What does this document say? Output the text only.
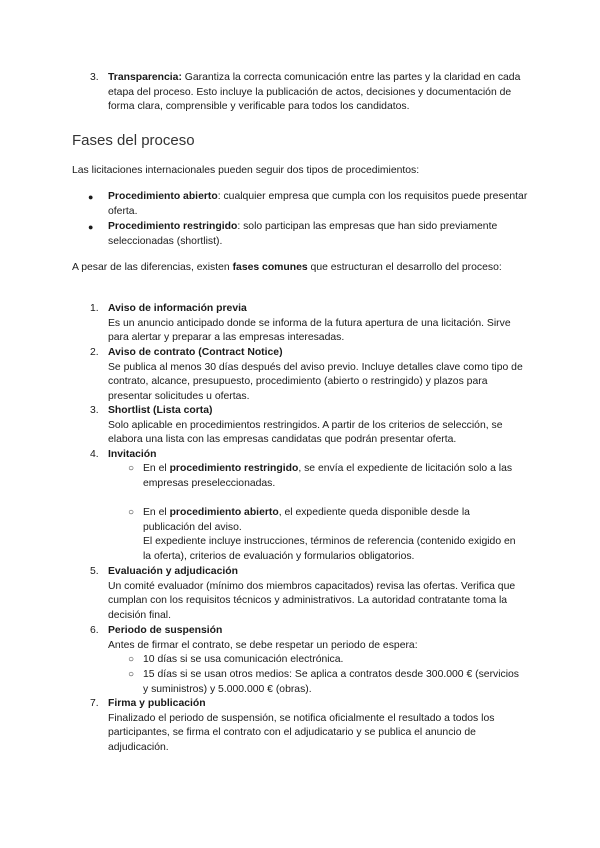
3. Transparencia: Garantiza la correcta comunicación entre las partes y la claridad en cada etapa del proceso. Esto incluye la publicación de actos, decisiones y documentación de forma clara, comprensible y verificable para todos los candidatos.
Fases del proceso
Las licitaciones internacionales pueden seguir dos tipos de procedimientos:
●	Procedimiento abierto: cualquier empresa que cumpla con los requisitos puede presentar oferta.
●	Procedimiento restringido: solo participan las empresas que han sido previamente seleccionadas (shortlist).
A pesar de las diferencias, existen fases comunes que estructuran el desarrollo del proceso:
1. Aviso de información previa
Es un anuncio anticipado donde se informa de la futura apertura de una licitación. Sirve para alertar y preparar a las empresas interesadas.
2. Aviso de contrato (Contract Notice)
Se publica al menos 30 días después del aviso previo. Incluye detalles clave como tipo de contrato, alcance, presupuesto, procedimiento (abierto o restringido) y plazos para presentar solicitudes u ofertas.
3. Shortlist (Lista corta)
Solo aplicable en procedimientos restringidos. A partir de los criterios de selección, se elabora una lista con las empresas candidatas que podrán presentar oferta.
4. Invitación
○ En el procedimiento restringido, se envía el expediente de licitación solo a las empresas preseleccionadas.
○ En el procedimiento abierto, el expediente queda disponible desde la publicación del aviso.
El expediente incluye instrucciones, términos de referencia (contenido exigido en la oferta), criterios de evaluación y formularios obligatorios.
5. Evaluación y adjudicación
Un comité evaluador (mínimo dos miembros capacitados) revisa las ofertas. Verifica que cumplan con los requisitos técnicos y administrativos. La autoridad contratante toma la decisión final.
6. Periodo de suspensión
Antes de firmar el contrato, se debe respetar un periodo de espera:
○ 10 días si se usa comunicación electrónica.
○ 15 días si se usan otros medios: Se aplica a contratos desde 300.000 € (servicios y suministros) y 5.000.000 € (obras).
7. Firma y publicación
Finalizado el periodo de suspensión, se notifica oficialmente el resultado a todos los participantes, se firma el contrato con el adjudicatario y se publica el anuncio de adjudicación.
